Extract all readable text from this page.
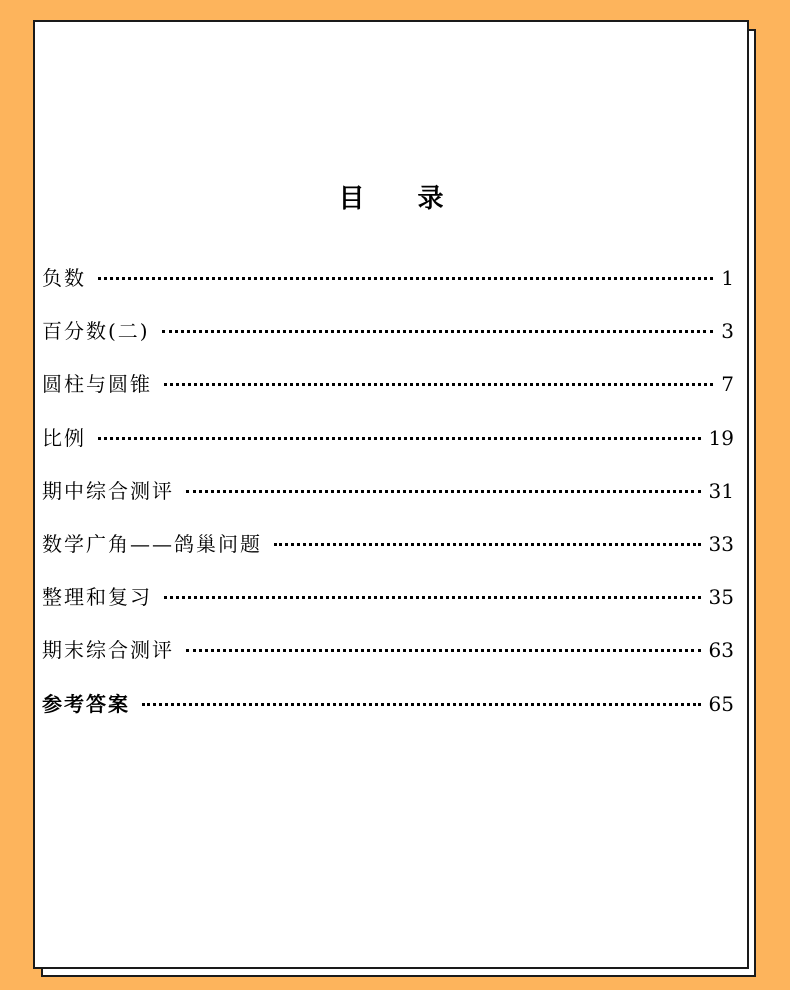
目 录
负数	1
百分数(二)	3
圆柱与圆锥	7
比例	19
期中综合测评	31
数学广角——鸽巢问题	33
整理和复习	35
期末综合测评	63
参考答案	65
